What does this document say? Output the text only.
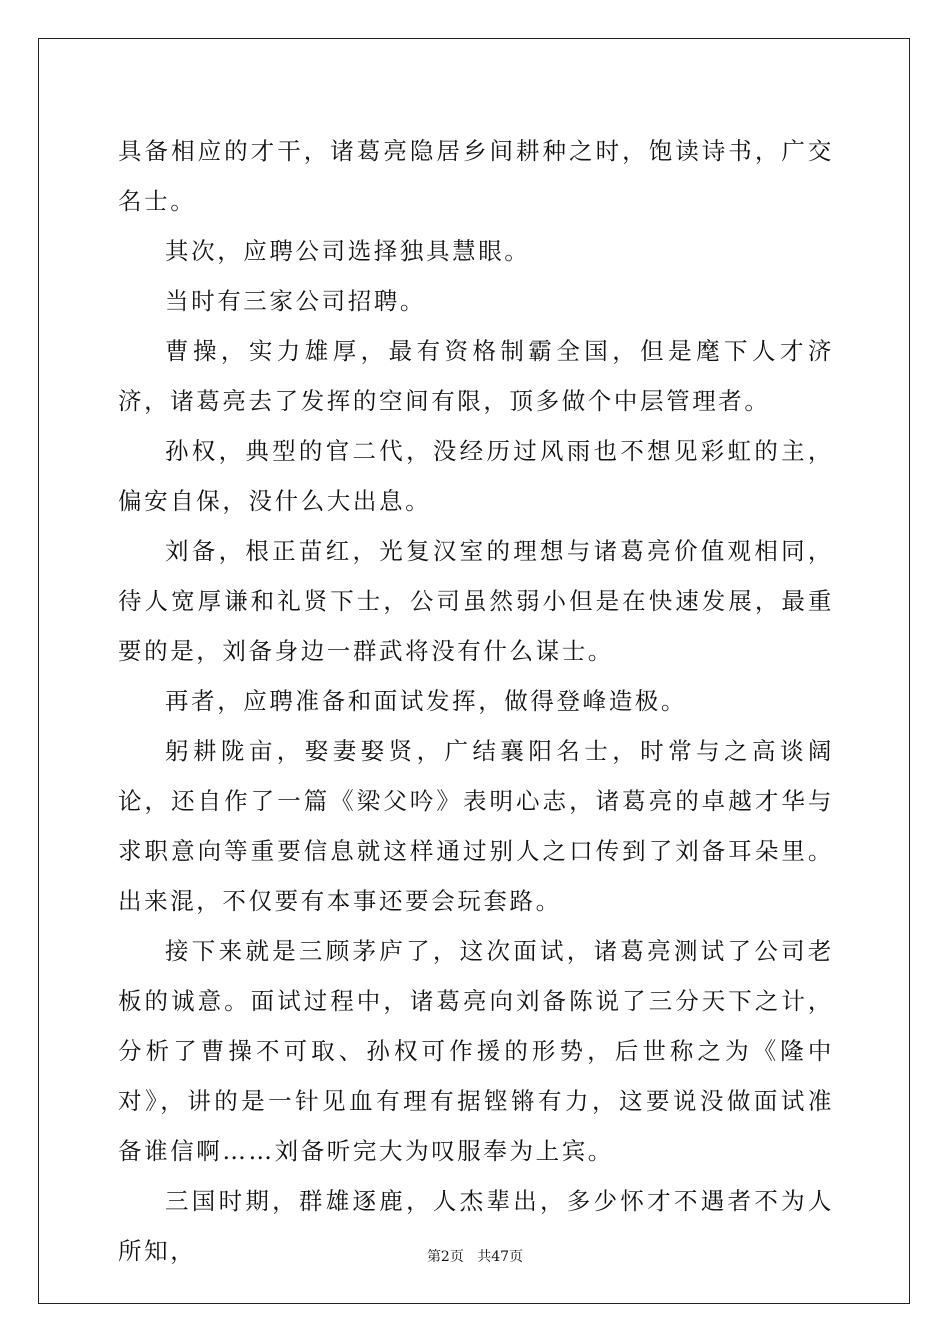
具备相应的才干，诸葛亮隐居乡间耕种之时，饱读诗书，广交名士。

其次，应聘公司选择独具慧眼。

当时有三家公司招聘。

曹操，实力雄厚，最有资格制霸全国，但是麾下人才济济，诸葛亮去了发挥的空间有限，顶多做个中层管理者。

孙权，典型的官二代，没经历过风雨也不想见彩虹的主，偏安自保，没什么大出息。

刘备，根正苗红，光复汉室的理想与诸葛亮价值观相同，待人宽厚谦和礼贤下士，公司虽然弱小但是在快速发展，最重要的是，刘备身边一群武将没有什么谋士。

再者，应聘准备和面试发挥，做得登峰造极。

躬耕陇亩，娶妻娶贤，广结襄阳名士，时常与之高谈阔论，还自作了一篇《梁父吟》表明心志，诸葛亮的卓越才华与求职意向等重要信息就这样通过别人之口传到了刘备耳朵里。出来混，不仅要有本事还要会玩套路。

接下来就是三顾茅庐了，这次面试，诸葛亮测试了公司老板的诚意。面试过程中，诸葛亮向刘备陈说了三分天下之计，分析了曹操不可取、孙权可作援的形势，后世称之为《隆中对》，讲的是一针见血有理有据铿锵有力，这要说没做面试准备谁信啊……刘备听完大为叹服奉为上宾。

三国时期，群雄逐鹿，人杰辈出，多少怀才不遇者不为人所知，	第2页 共47页
